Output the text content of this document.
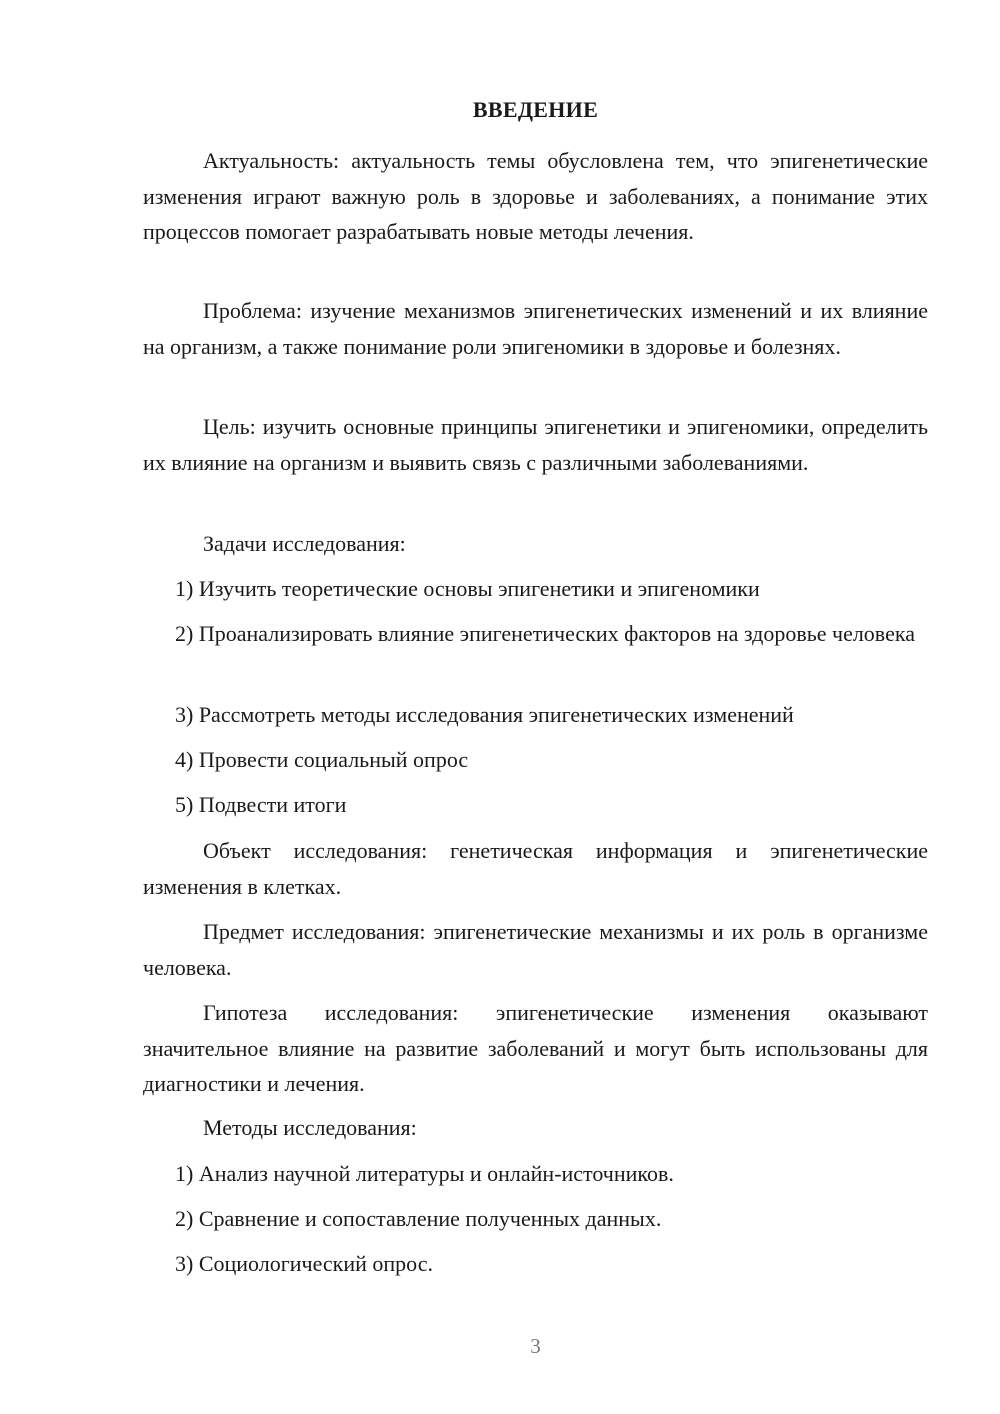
ВВЕДЕНИЕ

Актуальность: актуальность темы обусловлена тем, что эпигенетические изменения играют важную роль в здоровье и заболеваниях, а понимание этих процессов помогает разрабатывать новые методы лечения.

Проблема: изучение механизмов эпигенетических изменений и их влияние на организм, а также понимание роли эпигеномики в здоровье и болезнях.

Цель: изучить основные принципы эпигенетики и эпигеномики, определить их влияние на организм и выявить связь с различными заболеваниями.

Задачи исследования:

1) Изучить теоретические основы эпигенетики и эпигеномики

2) Проанализировать влияние эпигенетических факторов на здоровье человека

3) Рассмотреть методы исследования эпигенетических изменений

4) Провести социальный опрос

5) Подвести итоги

Объект исследования: генетическая информация и эпигенетические изменения в клетках.

Предмет исследования: эпигенетические механизмы и их роль в организме человека.

Гипотеза исследования: эпигенетические изменения оказывают значительное влияние на развитие заболеваний и могут быть использованы для диагностики и лечения.

Методы исследования:

1) Анализ научной литературы и онлайн-источников.

2) Сравнение и сопоставление полученных данных.

3) Социологический опрос.

3
